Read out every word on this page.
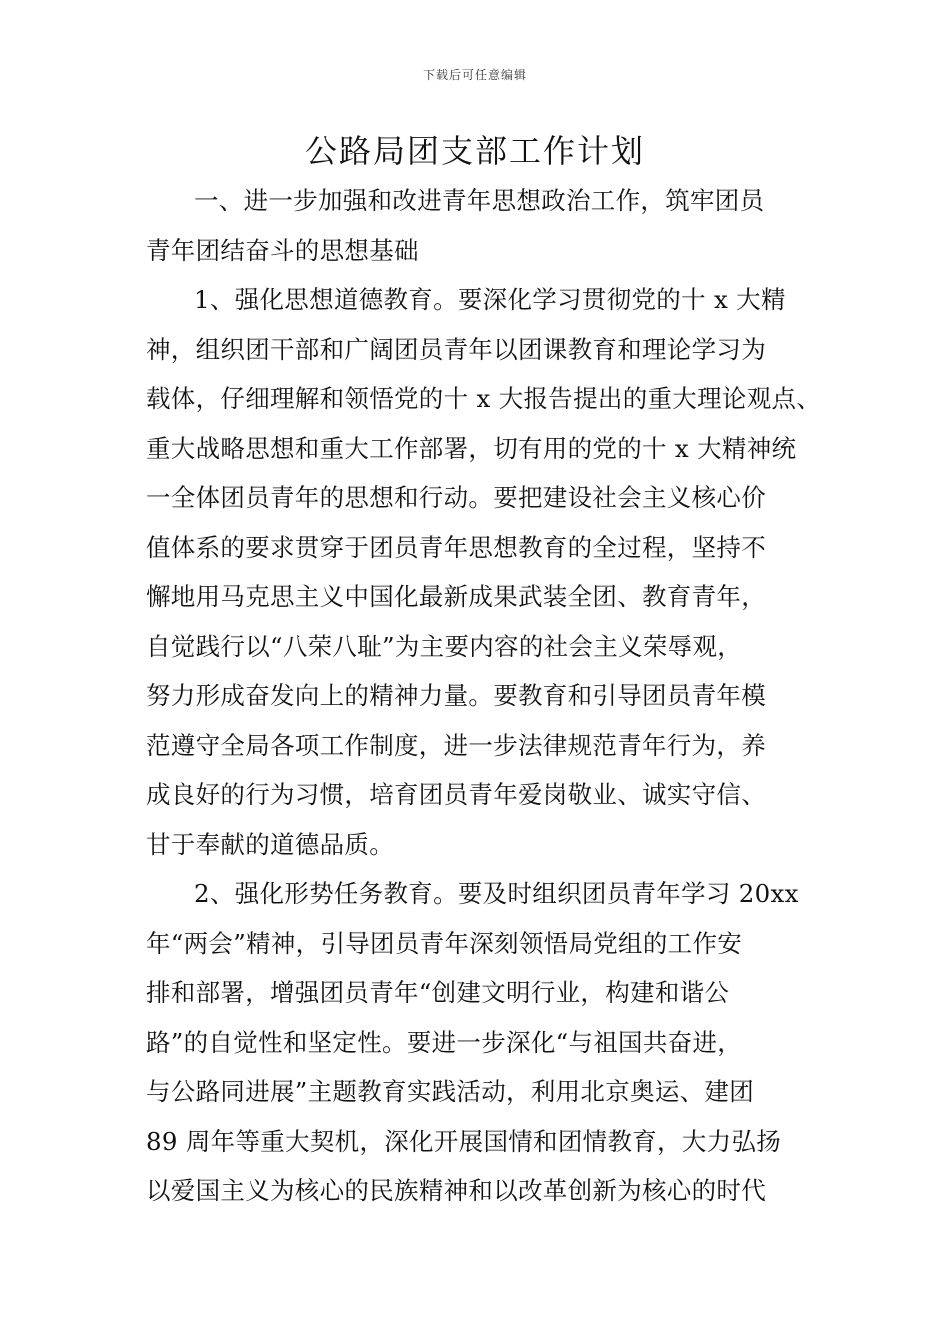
下载后可任意编辑
公路局团支部工作计划
一、进一步加强和改进青年思想政治工作，筑牢团员
青年团结奋斗的思想基础
1、强化思想道德教育。要深化学习贯彻党的十 x 大精
神，组织团干部和广阔团员青年以团课教育和理论学习为
载体，仔细理解和领悟党的十 x 大报告提出的重大理论观点、
重大战略思想和重大工作部署，切有用的党的十 x 大精神统
一全体团员青年的思想和行动。要把建设社会主义核心价
值体系的要求贯穿于团员青年思想教育的全过程，坚持不
懈地用马克思主义中国化最新成果武装全团、教育青年，
自觉践行以“八荣八耻”为主要内容的社会主义荣辱观，
努力形成奋发向上的精神力量。要教育和引导团员青年模
范遵守全局各项工作制度，进一步法律规范青年行为，养
成良好的行为习惯，培育团员青年爱岗敬业、诚实守信、
甘于奉献的道德品质。
2、强化形势任务教育。要及时组织团员青年学习 20xx
年“两会”精神，引导团员青年深刻领悟局党组的工作安
排和部署，增强团员青年“创建文明行业，构建和谐公
路”的自觉性和坚定性。要进一步深化“与祖国共奋进，
与公路同进展”主题教育实践活动，利用北京奥运、建团
89 周年等重大契机，深化开展国情和团情教育，大力弘扬
以爱国主义为核心的民族精神和以改革创新为核心的时代
